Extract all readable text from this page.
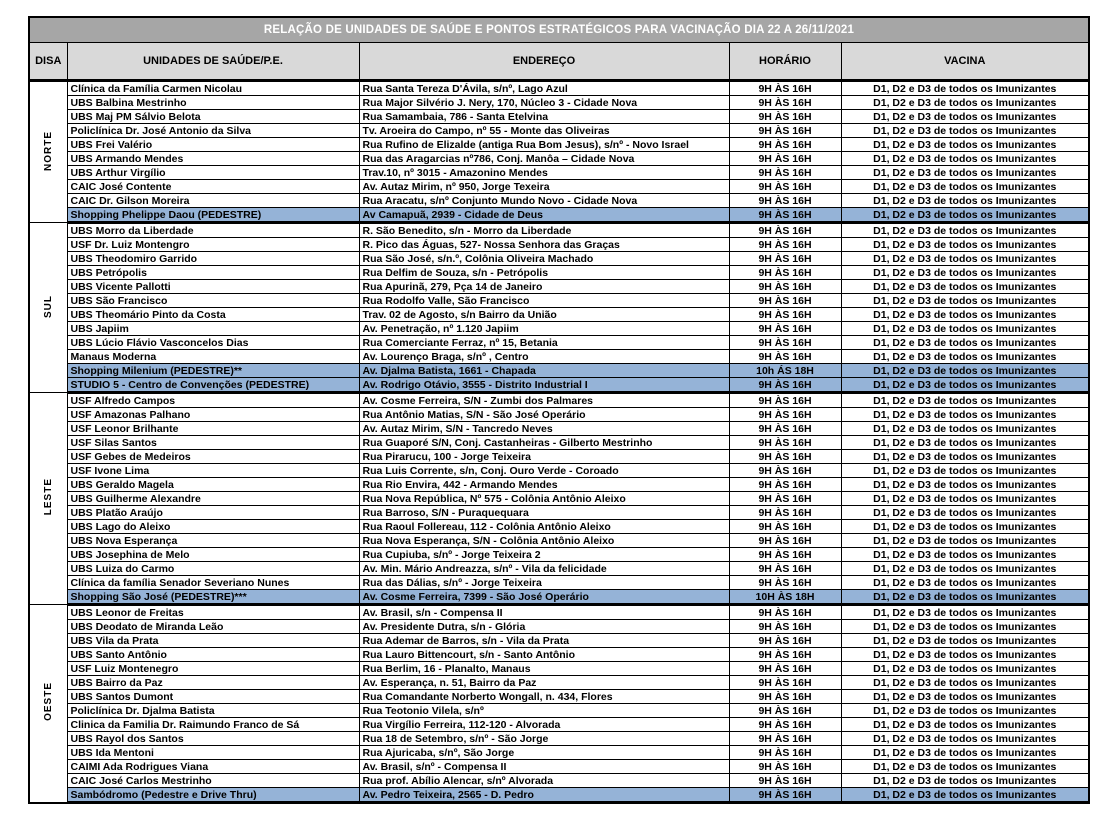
RELAÇÃO DE UNIDADES DE SAÚDE E PONTOS ESTRATÉGICOS PARA VACINAÇÃO DIA 22 A 26/11/2021				
DISA	UNIDADES DE SAÚDE/P.E.	ENDEREÇO	HORÁRIO	VACINA
NORTE	Clínica da Família Carmen Nicolau	Rua Santa Tereza D'Ávila, s/nº, Lago Azul	9H ÀS 16H	D1, D2 e D3 de todos os Imunizantes
	UBS Balbina Mestrinho	Rua Major Silvério J. Nery, 170, Núcleo 3 - Cidade Nova	9H ÀS 16H	D1, D2 e D3 de todos os Imunizantes
	UBS Maj PM Sálvio Belota	Rua Samambaia, 786 - Santa Etelvina	9H ÀS 16H	D1, D2 e D3 de todos os Imunizantes
	Policlínica Dr. José Antonio da Silva	Tv. Aroeira do Campo, nº 55 - Monte das Oliveiras	9H ÀS 16H	D1, D2 e D3 de todos os Imunizantes
	UBS Frei Valério	Rua Rufino de Elizalde (antiga Rua Bom Jesus), s/nº - Novo Israel	9H ÀS 16H	D1, D2 e D3 de todos os Imunizantes
	UBS Armando Mendes	Rua das Aragarcias nº786, Conj. Manôa – Cidade Nova	9H ÀS 16H	D1, D2 e D3 de todos os Imunizantes
	UBS Arthur Virgílio	Trav.10, nº 3015 - Amazonino Mendes	9H ÀS 16H	D1, D2 e D3 de todos os Imunizantes
	CAIC José Contente	Av. Autaz Mirim, nº 950, Jorge Texeira	9H ÀS 16H	D1, D2 e D3 de todos os Imunizantes
	CAIC Dr. Gilson Moreira	Rua Aracatu, s/nº Conjunto Mundo Novo - Cidade Nova	9H ÀS 16H	D1, D2 e D3 de todos os Imunizantes
	Shopping Phelippe Daou (PEDESTRE)	Av Camapuã, 2939 - Cidade de Deus	9H ÀS 16H	D1, D2 e D3 de todos os Imunizantes
SUL	UBS Morro da Liberdade	R. São Benedito, s/n - Morro da Liberdade	9H ÀS 16H	D1, D2 e D3 de todos os Imunizantes
	USF Dr. Luiz Montengro	R. Pico das Águas, 527- Nossa Senhora das Graças	9H ÀS 16H	D1, D2 e D3 de todos os Imunizantes
	UBS Theodomiro Garrido	Rua São José, s/n.º, Colônia Oliveira Machado	9H ÀS 16H	D1, D2 e D3 de todos os Imunizantes
	UBS Petrópolis	Rua Delfim de Souza, s/n - Petrópolis	9H ÀS 16H	D1, D2 e D3 de todos os Imunizantes
	UBS Vicente Pallotti	Rua Apurinã, 279, Pça 14 de Janeiro	9H ÀS 16H	D1, D2 e D3 de todos os Imunizantes
	UBS São Francisco	Rua Rodolfo Valle, São Francisco	9H ÀS 16H	D1, D2 e D3 de todos os Imunizantes
	UBS Theomário Pinto da Costa	Trav. 02 de Agosto, s/n Bairro da União	9H ÀS 16H	D1, D2 e D3 de todos os Imunizantes
	UBS Japiim	Av. Penetração, nº 1.120 Japiim	9H ÀS 16H	D1, D2 e D3 de todos os Imunizantes
	UBS Lúcio Flávio Vasconcelos Dias	Rua Comerciante Ferraz, nº 15, Betania	9H ÀS 16H	D1, D2 e D3 de todos os Imunizantes
	Manaus Moderna	Av. Lourenço Braga, s/nº , Centro	9H ÀS 16H	D1, D2 e D3 de todos os Imunizantes
	Shopping Milenium (PEDESTRE)**	Av. Djalma Batista, 1661 - Chapada	10h ÁS 18H	D1, D2 e D3 de todos os Imunizantes
	STUDIO 5 - Centro de Convenções (PEDESTRE)	Av. Rodrigo Otávio, 3555 - Distrito Industrial I	9H ÀS 16H	D1, D2 e D3 de todos os Imunizantes
LESTE	USF Alfredo Campos	Av. Cosme Ferreira, S/N - Zumbi dos Palmares	9H ÀS 16H	D1, D2 e D3 de todos os Imunizantes
	USF Amazonas Palhano	Rua Antônio Matias, S/N - São José Operário	9H ÀS 16H	D1, D2 e D3 de todos os Imunizantes
	USF Leonor Brilhante	Av. Autaz Mirim, S/N - Tancredo Neves	9H ÀS 16H	D1, D2 e D3 de todos os Imunizantes
	USF Silas Santos	Rua Guaporé S/N, Conj. Castanheiras - Gilberto Mestrinho	9H ÀS 16H	D1, D2 e D3 de todos os Imunizantes
	USF Gebes de Medeiros	Rua Pirarucu, 100 - Jorge Teixeira	9H ÀS 16H	D1, D2 e D3 de todos os Imunizantes
	USF Ivone Lima	Rua Luis Corrente, s/n, Conj. Ouro Verde - Coroado	9H ÀS 16H	D1, D2 e D3 de todos os Imunizantes
	UBS Geraldo Magela	Rua Rio Envira, 442 - Armando Mendes	9H ÀS 16H	D1, D2 e D3 de todos os Imunizantes
	UBS Guilherme Alexandre	Rua Nova República, Nº 575 - Colônia Antônio Aleixo	9H ÀS 16H	D1, D2 e D3 de todos os Imunizantes
	UBS Platão Araújo	Rua Barroso, S/N - Puraquequara	9H ÀS 16H	D1, D2 e D3 de todos os Imunizantes
	UBS Lago do Aleixo	Rua Raoul Follereau, 112 - Colônia Antônio Aleixo	9H ÀS 16H	D1, D2 e D3 de todos os Imunizantes
	UBS Nova Esperança	Rua Nova Esperança, S/N - Colônia Antônio Aleixo	9H ÀS 16H	D1, D2 e D3 de todos os Imunizantes
	UBS Josephina de Melo	Rua Cupiuba, s/nº - Jorge Teixeira 2	9H ÀS 16H	D1, D2 e D3 de todos os Imunizantes
	UBS Luiza do Carmo	Av. Min. Mário Andreazza, s/nº - Vila da felicidade	9H ÀS 16H	D1, D2 e D3 de todos os Imunizantes
	Clínica da família Senador Severiano Nunes	Rua das Dálias, s/nº - Jorge Teixeira	9H ÀS 16H	D1, D2 e D3 de todos os Imunizantes
	Shopping São José (PEDESTRE)***	Av. Cosme Ferreira, 7399 - São José Operário	10H ÀS 18H	D1, D2 e D3 de todos os Imunizantes
OESTE	UBS Leonor de Freitas	Av. Brasil, s/n - Compensa II	9H ÀS 16H	D1, D2 e D3 de todos os Imunizantes
	UBS Deodato de Miranda Leão	Av. Presidente Dutra, s/n - Glória	9H ÀS 16H	D1, D2 e D3 de todos os Imunizantes
	UBS Vila da Prata	Rua Ademar de Barros, s/n - Vila da Prata	9H ÀS 16H	D1, D2 e D3 de todos os Imunizantes
	UBS Santo Antônio	Rua Lauro Bittencourt, s/n - Santo Antônio	9H ÀS 16H	D1, D2 e D3 de todos os Imunizantes
	USF Luiz Montenegro	Rua Berlim, 16 - Planalto, Manaus	9H ÀS 16H	D1, D2 e D3 de todos os Imunizantes
	UBS Bairro da Paz	Av. Esperança, n. 51, Bairro da Paz	9H ÀS 16H	D1, D2 e D3 de todos os Imunizantes
	UBS Santos Dumont	Rua Comandante Norberto Wongall, n. 434, Flores	9H ÀS 16H	D1, D2 e D3 de todos os Imunizantes
	Policlínica Dr. Djalma Batista	Rua Teotonio Vilela, s/nº	9H ÀS 16H	D1, D2 e D3 de todos os Imunizantes
	Clinica da Familia Dr. Raimundo Franco de Sá	Rua Virgílio Ferreira, 112-120 - Alvorada	9H ÀS 16H	D1, D2 e D3 de todos os Imunizantes
	UBS Rayol dos Santos	Rua 18 de Setembro, s/nº - São Jorge	9H ÀS 16H	D1, D2 e D3 de todos os Imunizantes
	UBS Ida Mentoni	Rua Ajuricaba, s/nº, São Jorge	9H ÀS 16H	D1, D2 e D3 de todos os Imunizantes
	CAIMI Ada Rodrigues Viana	Av. Brasil, s/nº - Compensa II	9H ÀS 16H	D1, D2 e D3 de todos os Imunizantes
	CAIC José Carlos Mestrinho	Rua prof. Abílio Alencar, s/nº Alvorada	9H ÀS 16H	D1, D2 e D3 de todos os Imunizantes
	Sambódromo (Pedestre e Drive Thru)	Av. Pedro Teixeira, 2565 - D. Pedro	9H ÀS 16H	D1, D2 e D3 de todos os Imunizantes
